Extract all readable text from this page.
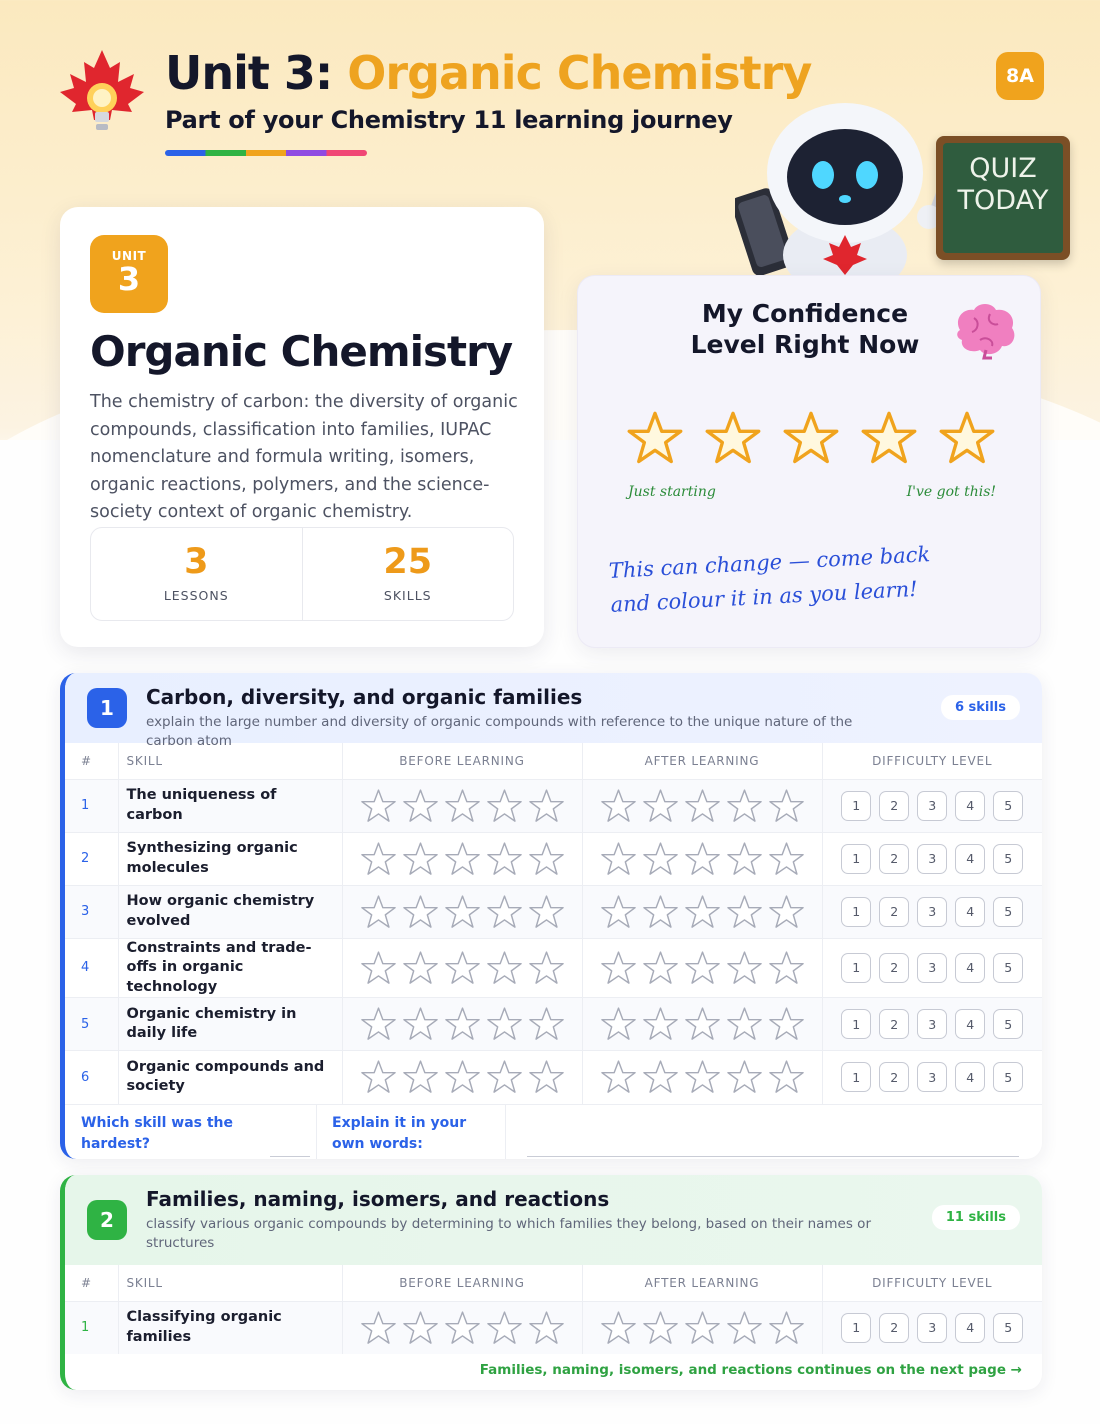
Unit 3: Organic Chemistry
Part of your Chemistry 11 learning journey
8A
QUIZ
TODAY
UNIT
3
Organic Chemistry
The chemistry of carbon: the diversity of organic compounds, classification into families, IUPAC nomenclature and formula writing, isomers, organic reactions, polymers, and the science-society context of organic chemistry.
3
LESSONS
25
SKILLS
My Confidence
Level Right Now
Just starting	I've got this!
This can change — come back
and colour it in as you learn!
1	Carbon, diversity, and organic families
explain the large number and diversity of organic compounds with reference to the unique nature of the carbon atom
6 skills
#	SKILL	BEFORE LEARNING	AFTER LEARNING	DIFFICULTY LEVEL
1	The uniqueness of carbon			1 2 3 4 5

2	Synthesizing organic molecules			1 2 3 4 5

3	How organic chemistry evolved			1 2 3 4 5

4	Constraints and trade-offs in organic technology			1 2 3 4 5

5	Organic chemistry in daily life			1 2 3 4 5

6	Organic compounds and society			1 2 3 4 5
Which skill was the hardest?
Explain it in your own words:
2
Families, naming, isomers, and reactions
classify various organic compounds by determining to which families they belong, based on their names or structures
11 skills
#	SKILL	BEFORE LEARNING	AFTER LEARNING	DIFFICULTY LEVEL
1	Classifying organic families			1 2 3 4 5
Families, naming, isomers, and reactions continues on the next page →
